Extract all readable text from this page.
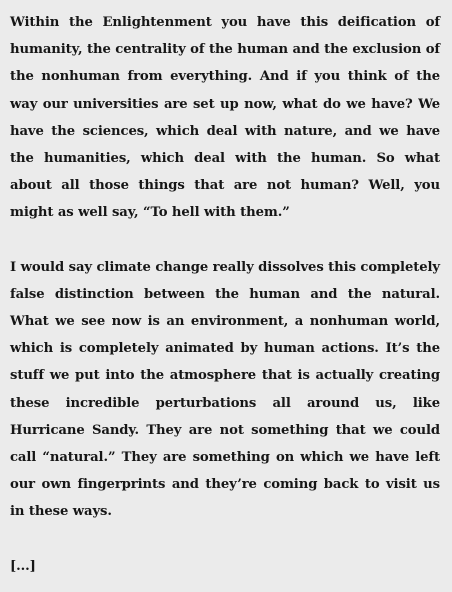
Within the Enlightenment you have this deification of humanity, the centrality of the human and the exclusion of the nonhuman from everything. And if you think of the way our universities are set up now, what do we have? We have the sciences, which deal with nature, and we have the humanities, which deal with the human. So what about all those things that are not human? Well, you might as well say, “To hell with them.”

I would say climate change really dissolves this completely false distinction between the human and the natural. What we see now is an environment, a nonhuman world, which is completely animated by human actions. It’s the stuff we put into the atmosphere that is actually creating these incredible perturbations all around us, like Hurricane Sandy. They are not something that we could call “natural.” They are something on which we have left our own fingerprints and they’re coming back to visit us in these ways.

[...]
